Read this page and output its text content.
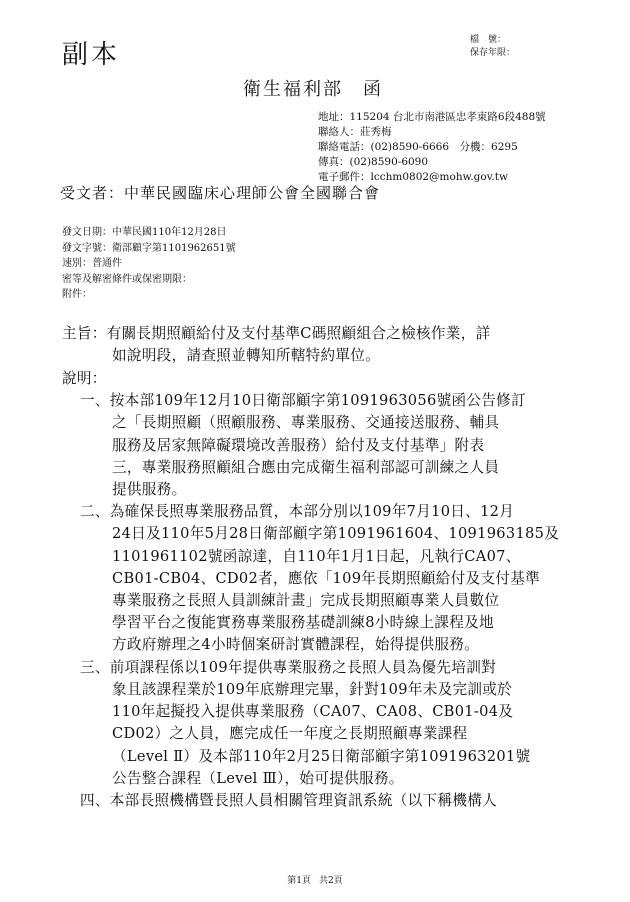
副本	檔　號：
保存年限：
衛生福利部　函
地址：115204 台北市南港區忠孝東路6段488號
聯絡人：莊秀梅
聯絡電話：(02)8590-6666　分機：6295
傳真：(02)8590-6090
電子郵件：lcchm0802@mohw.gov.tw
受文者：中華民國臨床心理師公會全國聯合會
發文日期：中華民國110年12月28日
發文字號：衛部顧字第1101962651號
速別：普通件
密等及解密條件或保密期限：
附件：
主旨：有關長期照顧給付及支付基準C碼照顧組合之檢核作業，詳
如說明段，請查照並轉知所轄特約單位。
說明：
一、按本部109年12月10日衛部顧字第1091963056號函公告修訂
之「長期照顧（照顧服務、專業服務、交通接送服務、輔具
服務及居家無障礙環境改善服務）給付及支付基準」附表
三，專業服務照顧組合應由完成衛生福利部認可訓練之人員
提供服務。
二、為確保長照專業服務品質，本部分別以109年7月10日、12月
24日及110年5月28日衛部顧字第1091961604、1091963185及
1101961102號函諒達，自110年1月1日起，凡執行CA07、
CB01-CB04、CD02者，應依「109年長期照顧給付及支付基準
專業服務之長照人員訓練計畫」完成長期照顧專業人員數位
學習平台之復能實務專業服務基礎訓練8小時線上課程及地
方政府辦理之4小時個案研討實體課程，始得提供服務。
三、前項課程係以109年提供專業服務之長照人員為優先培訓對
象且該課程業於109年底辦理完畢，針對109年未及完訓或於
110年起擬投入提供專業服務（CA07、CA08、CB01-04及
CD02）之人員，應完成任一年度之長期照顧專業課程
（Level Ⅱ）及本部110年2月25日衛部顧字第1091963201號
公告整合課程（Level Ⅲ），始可提供服務。
四、本部長照機構暨長照人員相關管理資訊系統（以下稱機構人
第1頁 共2頁
